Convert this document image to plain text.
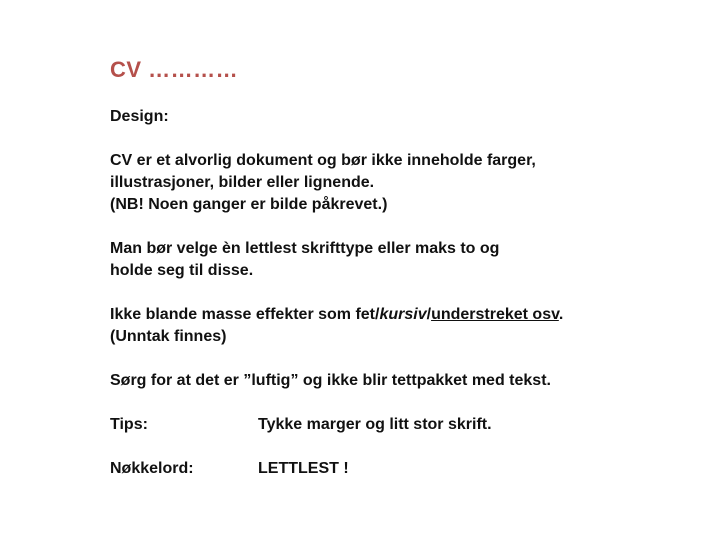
CV …………
Design:
CV er et alvorlig dokument og bør ikke inneholde farger,
illustrasjoner, bilder eller lignende.
(NB! Noen ganger er bilde påkrevet.)
Man bør velge èn lettlest skrifttype eller maks to og
holde seg til disse.
Ikke blande masse effekter som fet/kursiv/understreket osv.
(Unntak finnes)
Sørg for at det er ”luftig” og ikke blir tettpakket med tekst.
Tips:	Tykke marger og litt stor skrift.
Nøkkelord:	LETTLEST !
